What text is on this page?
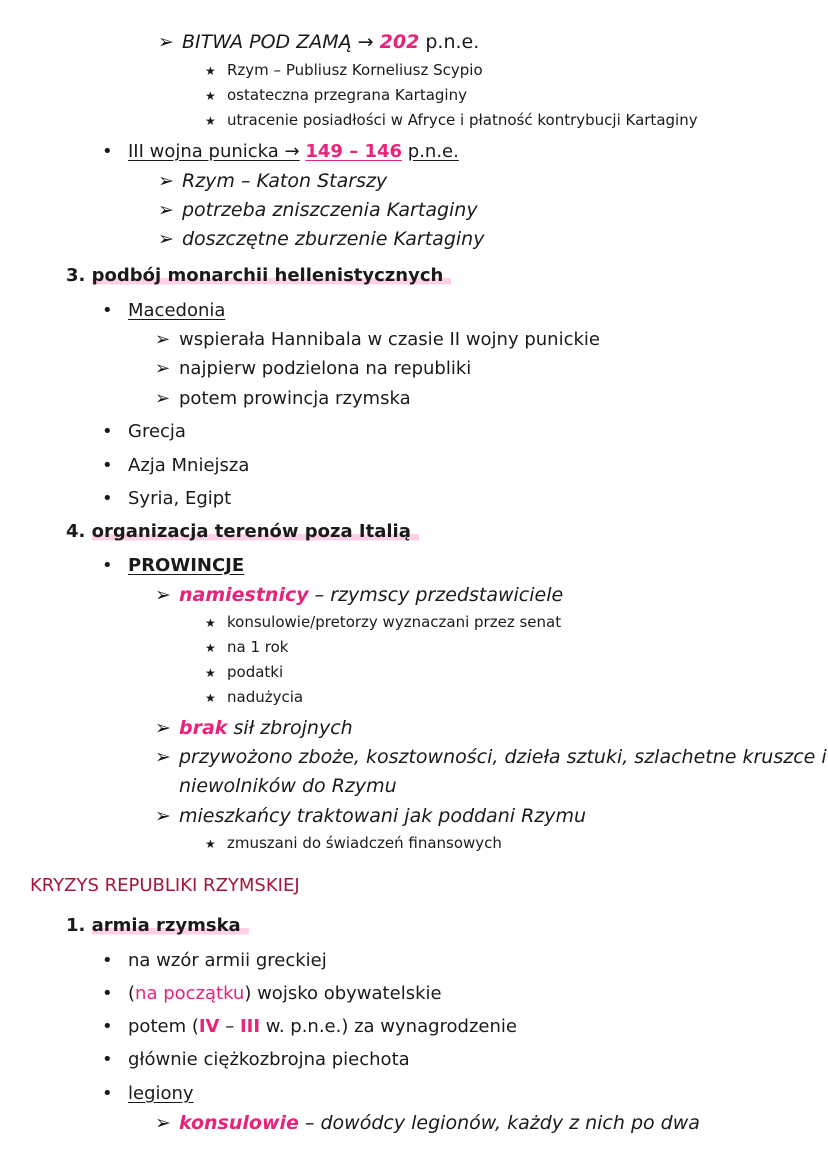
➢ BITWA POD ZAMĄ → 202 p.n.e.
★ Rzym – Publiusz Korneliusz Scypio
★ ostateczna przegrana Kartaginy
★ utracenie posiadłości w Afryce i płatność kontrybucji Kartaginy
• III wojna punicka → 149 – 146 p.n.e.
➢ Rzym – Katon Starszy
➢ potrzeba zniszczenia Kartaginy
➢ doszczętne zburzenie Kartaginy
3. podbój monarchii hellenistycznych
• Macedonia
➢ wspierała Hannibala w czasie II wojny punickie
➢ najpierw podzielona na republiki
➢ potem prowincja rzymska
• Grecja
• Azja Mniejsza
• Syria, Egipt
4. organizacja terenów poza Italią
• PROWINCJE
➢ namiestnicy – rzymscy przedstawiciele
★ konsulowie/pretorzy wyznaczani przez senat
★ na 1 rok
★ podatki
★ nadużycia
➢ brak sił zbrojnych
➢ przywożono zboże, kosztowności, dzieła sztuki, szlachetne kruszce i
niewolników do Rzymu
➢ mieszkańcy traktowani jak poddani Rzymu
★ zmuszani do świadczeń finansowych
KRYZYS REPUBLIKI RZYMSKIEJ
1. armia rzymska
• na wzór armii greckiej
• (na początku) wojsko obywatelskie
• potem (IV – III w. p.n.e.) za wynagrodzenie
• głównie ciężkozbrojna piechota
• legiony
➢ konsulowie – dowódcy legionów, każdy z nich po dwa
